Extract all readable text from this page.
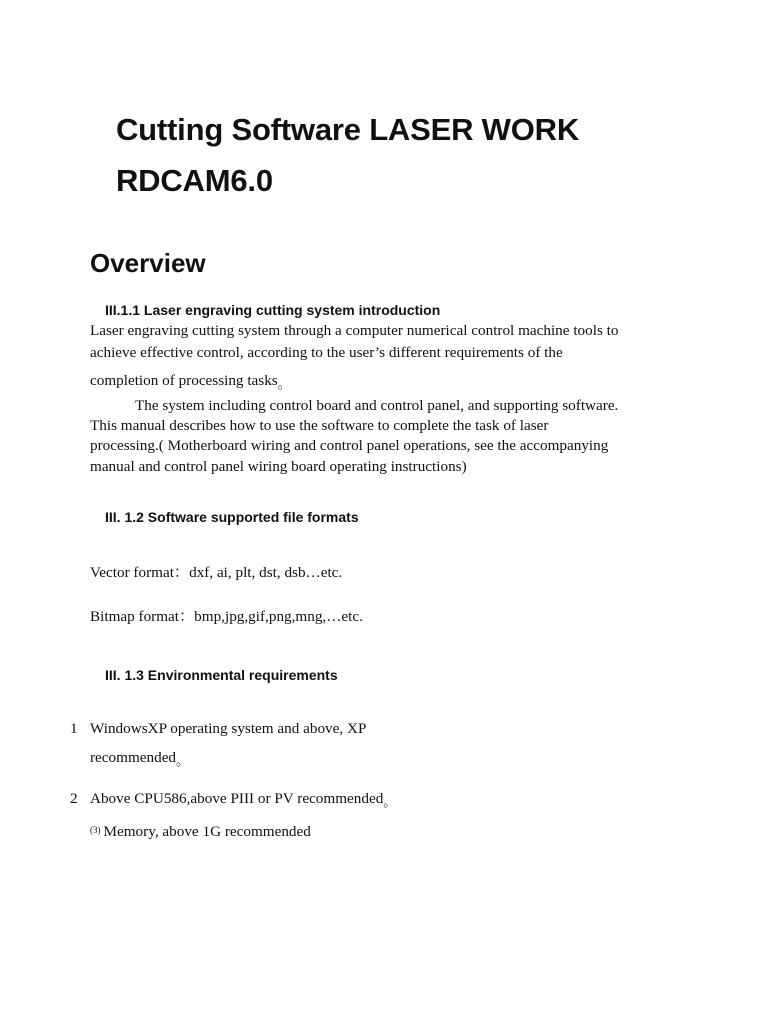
Cutting Software LASER WORK
RDCAM6.0
Overview
III.1.1 Laser engraving cutting system introduction
Laser engraving cutting system through a computer numerical control machine tools to
achieve effective control, according to the user’s different requirements of the
completion of processing tasks。
The system including control board and control panel, and supporting software.
This manual describes how to use the software to complete the task of laser
processing.( Motherboard wiring and control panel operations, see the accompanying
manual and control panel wiring board operating instructions)
III. 1.2 Software supported file formats
Vector format：dxf, ai, plt, dst, dsb…etc.
Bitmap format：bmp,jpg,gif,png,mng,…etc.
III. 1.3 Environmental requirements
1 WindowsXP operating system and above, XP
recommended。
2 Above CPU586,above PIII or PV recommended。
(3) Memory, above 1G recommended
